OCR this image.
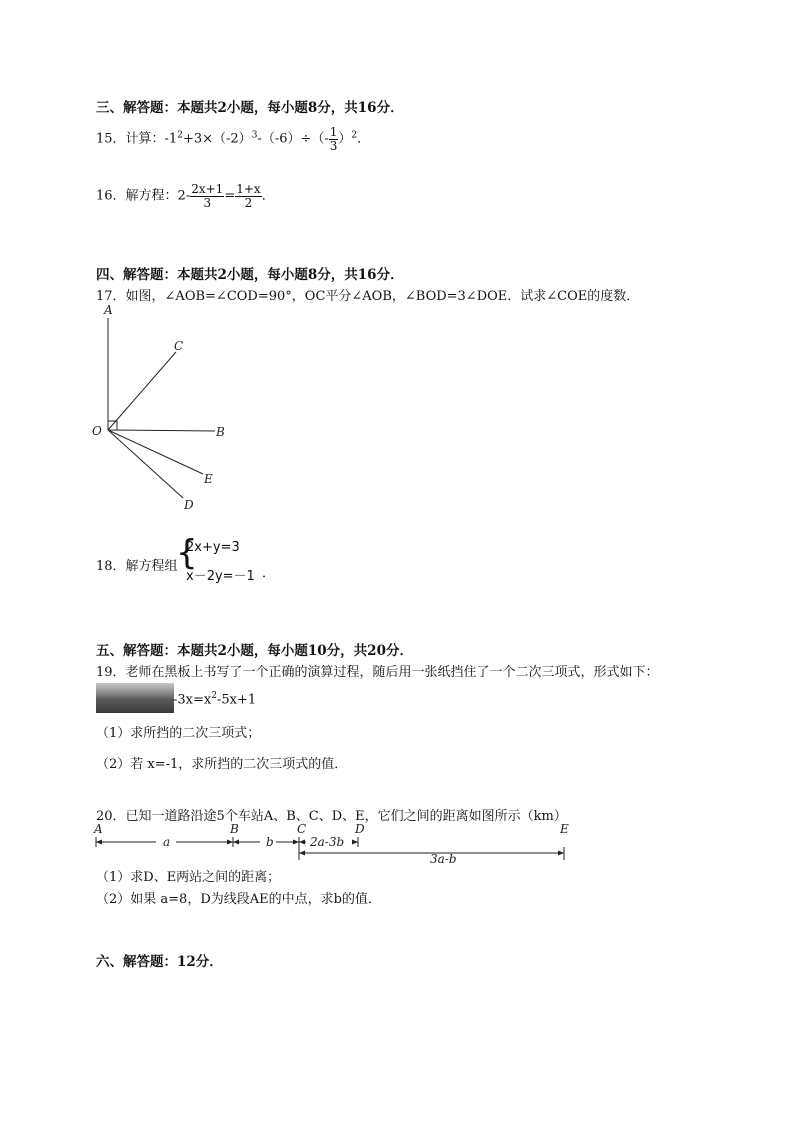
三、解答题：本题共2小题，每小题8分，共16分．
15．计算：$-1^2+3\times(-2)^3-(-6)\div(- \frac{1}{3} )^2$．
16．解方程：$2- \frac{2x+1}{3} = \frac{1+x}{2}$ ．
四、解答题：本题共2小题，每小题8分，共16分．
17．如图，∠AOB=∠COD=90°，OC平分∠AOB，∠BOD=3∠DOE．试求∠COE的度数．
A
C
O	B
E
D
18．解方程组
{
2x+y=3
x－2y=－1 ．
五、解答题：本题共2小题，每小题10分，共20分．
19．老师在黑板上书写了一个正确的演算过程，随后用一张纸挡住了一个二次三项式，形式如下：
$-3x=x^2-5x+1$
（1）求所挡的二次三项式；
（2）若 x=-1，求所挡的二次三项式的值．
20．已知一道路沿途5个车站A、B、C、D、E，它们之间的距离如图所示（km）
A	B	C	D	E
a	b	2a-3b
3a-b
（1）求D、E两站之间的距离；
（2）如果 a=8，D为线段AE的中点，求b的值．
六、解答题：12分．
